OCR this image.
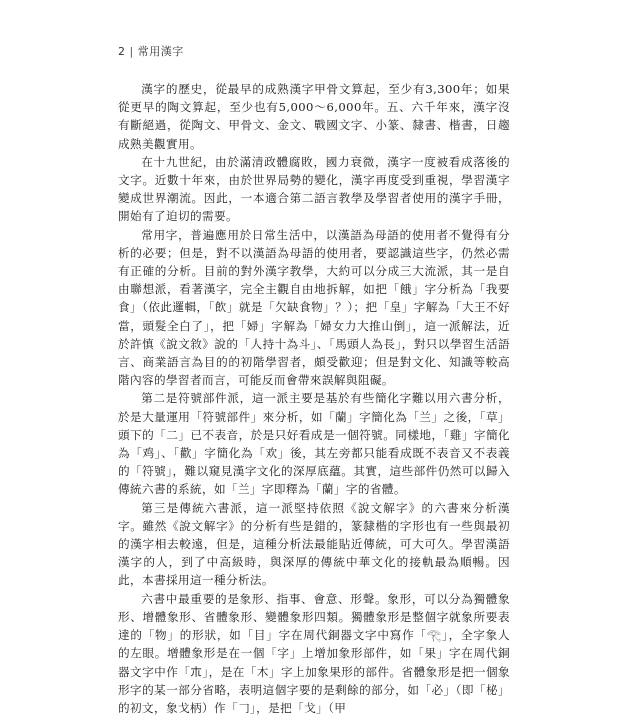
2 | 常用漢字

漢字的歷史，從最早的成熟漢字甲骨文算起，至少有3,300年；如果從更早的陶文算起，至少也有5,000～6,000年。五、六千年來，漢字沒有斷絕過，從陶文、甲骨文、金文、戰國文字、小篆、隸書、楷書，日趨成熟美觀實用。

在十九世紀，由於滿清政體腐敗，國力衰微，漢字一度被看成落後的文字。近數十年來，由於世界局勢的變化，漢字再度受到重視，學習漢字變成世界潮流。因此，一本適合第二語言教學及學習者使用的漢字手冊，開始有了迫切的需要。

常用字，普遍應用於日常生活中，以漢語為母語的使用者不覺得有分析的必要；但是，對不以漢語為母語的使用者，要認識這些字，仍然必需有正確的分析。目前的對外漢字教學，大約可以分成三大流派，其一是自由聯想派，看著漢字，完全主觀自由地拆解，如把「餓」字分析為「我要食」（依此邏輯，「飲」就是「欠缺食物」？）；把「皇」字解為「大王不好當，頭髮全白了」，把「婦」字解為「婦女力大推山倒」，這一派解法，近於許慎《說文敘》說的「人持十為斗」、「馬頭人為長」，對只以學習生活語言、商業語言為目的的初階學習者，頗受歡迎；但是對文化、知識等較高階內容的學習者而言，可能反而會帶來誤解與阻礙。

第二是符號部件派，這一派主要是基於有些簡化字難以用六書分析，於是大量運用「符號部件」來分析，如「蘭」字簡化為「兰」之後，「草」頭下的「二」已不表音，於是只好看成是一個符號。同樣地，「雞」字簡化為「鸡」、「歡」字簡化為「欢」後，其左旁都只能看成既不表音又不表義的「符號」，難以窺見漢字文化的深厚底蘊。其實，這些部件仍然可以歸入傳統六書的系統，如「兰」字即釋為「蘭」字的省體。

第三是傳統六書派，這一派堅持依照《說文解字》的六書來分析漢字。雖然《說文解字》的分析有些是錯的，篆隸楷的字形也有一些與最初的漢字相去較遠，但是，這種分析法最能貼近傳統，可大可久。學習漢語漢字的人，到了中高級時，與深厚的傳統中華文化的接軌最為順暢。因此，本書採用這一種分析法。

六書中最重要的是象形、指事、會意、形聲。象形，可以分為獨體象形、增體象形、省體象形、變體象形四類。獨體象形是整個字就象所要表達的「物」的形狀，如「目」字在周代銅器文字中寫作「𓂀」，全字象人的左眼。增體象形是在一個「字」上增加象形部件，如「果」字在周代銅器文字中作「𣎳」，是在「木」字上加象果形的部件。省體象形是把一個象形字的某一部分省略，表明這個字要的是剩餘的部分，如「必」（即「柲」的初文，象戈柄）作「𠃌」，是把「戈」（甲
